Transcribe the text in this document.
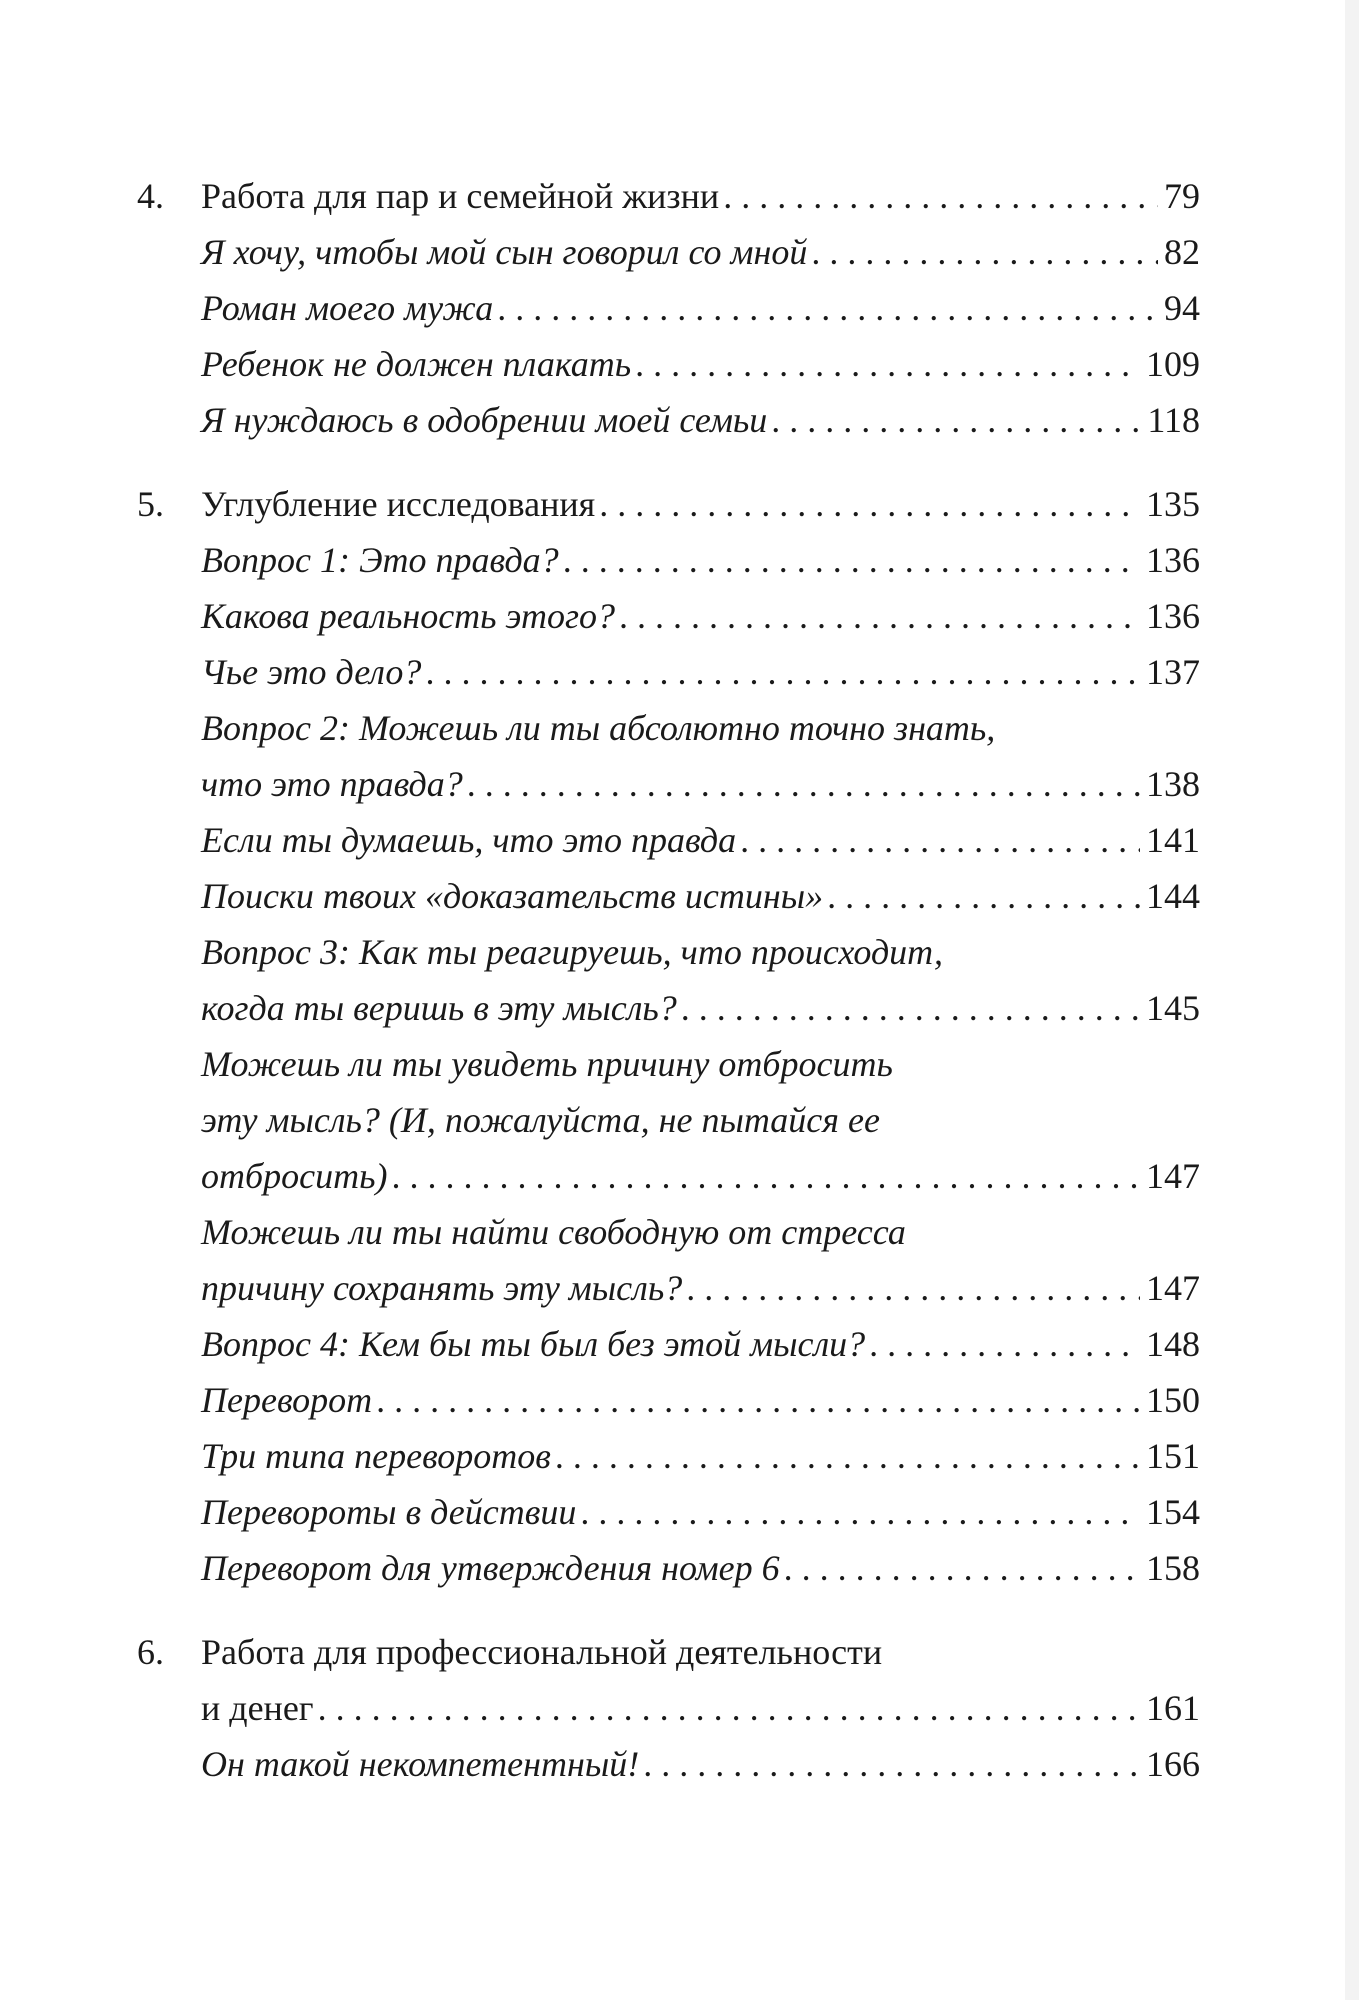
4. Работа для пар и семейной жизни . . .	79
Я хочу, чтобы мой сын говорил со мной . . .	82
Роман моего мужа . . .	94
Ребенок не должен плакать . . .	109
Я нуждаюсь в одобрении моей семьи . . .	118
5. Углубление исследования . . .	135
Вопрос 1: Это правда? . . .	136
Какова реальность этого? . . .	136
Чье это дело? . . .	137
Вопрос 2: Можешь ли ты абсолютно точно знать,
что это правда? . . .	138
Если ты думаешь, что это правда . . .	141
Поиски твоих «доказательств истины» . . .	144
Вопрос 3: Как ты реагируешь, что происходит,
когда ты веришь в эту мысль? . . .	145
Можешь ли ты увидеть причину отбросить
эту мысль? (И, пожалуйста, не пытайся ее
отбросить) . . .	147
Можешь ли ты найти свободную от стресса
причину сохранять эту мысль? . . .	147
Вопрос 4: Кем бы ты был без этой мысли? . . .	148
Переворот . . .	150
Три типа переворотов . . .	151
Перевороты в действии . . .	154
Переворот для утверждения номер 6 . . .	158
6. Работа для профессиональной деятельности
и денег . . .	161
Он такой некомпетентный! . . .	166
